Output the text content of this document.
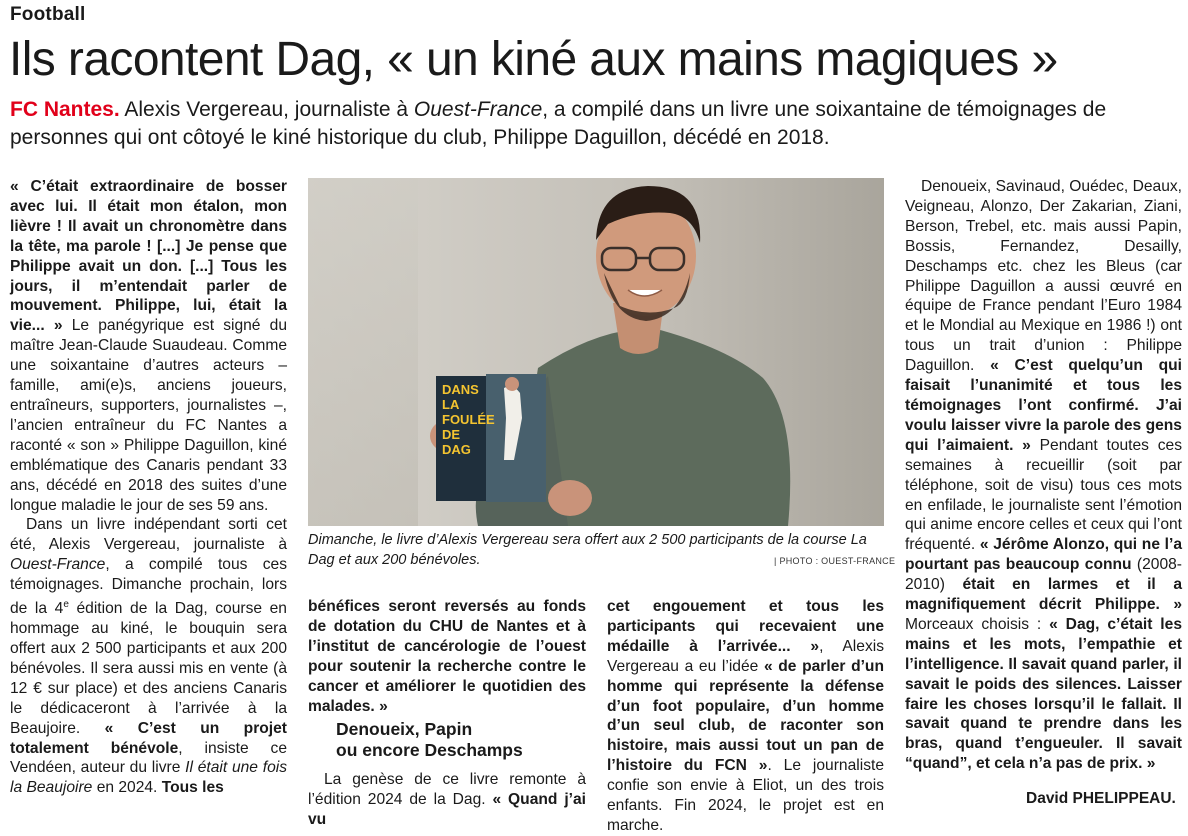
Football
Ils racontent Dag, « un kiné aux mains magiques »
FC Nantes. Alexis Vergereau, journaliste à Ouest-France, a compilé dans un livre une soixantaine de témoignages de personnes qui ont côtoyé le kiné historique du club, Philippe Daguillon, décédé en 2018.

« C’était extraordinaire de bosser avec lui. Il était mon étalon, mon lièvre ! Il avait un chronomètre dans la tête, ma parole ! [...] Je pense que Philippe avait un don. [...] Tous les jours, il m’entendait parler de mouvement. Philippe, lui, était la vie... » Le panégyrique est signé du maître Jean-Claude Suaudeau. Comme une soixantaine d’autres acteurs – famille, ami(e)s, anciens joueurs, entraîneurs, supporters, journalistes –, l’ancien entraîneur du FC Nantes a raconté « son » Philippe Daguillon, kiné emblématique des Canaris pendant 33 ans, décédé en 2018 des suites d’une longue maladie le jour de ses 59 ans.

Dans un livre indépendant sorti cet été, Alexis Vergereau, journaliste à Ouest-France, a compilé tous ces témoignages. Dimanche prochain, lors de la 4e édition de la Dag, course en hommage au kiné, le bouquin sera offert aux 2 500 participants et aux 200 bénévoles. Il sera aussi mis en vente (à 12 € sur place) et des anciens Canaris le dédicaceront à l’arrivée à la Beaujoire. « C’est un projet totalement bénévole, insiste ce Vendéen, auteur du livre Il était une fois la Beaujoire en 2024. Tous les

DANS LA FOULÉE DE DAG
Dimanche, le livre d’Alexis Vergereau sera offert aux 2 500 participants de la course La Dag et aux 200 bénévoles.	| PHOTO : OUEST-FRANCE

bénéfices seront reversés au fonds de dotation du CHU de Nantes et à l’institut de cancérologie de l’ouest pour soutenir la recherche contre le cancer et améliorer le quotidien des malades. »

Denoueix, Papin
ou encore Deschamps

La genèse de ce livre remonte à l’édition 2024 de la Dag. « Quand j’ai vu

cet engouement et tous les participants qui recevaient une médaille à l’arrivée... », Alexis Vergereau a eu l’idée « de parler d’un homme qui représente la défense d’un foot populaire, d’un homme d’un seul club, de raconter son histoire, mais aussi tout un pan de l’histoire du FCN ». Le journaliste confie son envie à Eliot, un des trois enfants. Fin 2024, le projet est en marche.

Denoueix, Savinaud, Ouédec, Deaux, Veigneau, Alonzo, Der Zakarian, Ziani, Berson, Trebel, etc. mais aussi Papin, Bossis, Fernandez, Desailly, Deschamps etc. chez les Bleus (car Philippe Daguillon a aussi œuvré en équipe de France pendant l’Euro 1984 et le Mondial au Mexique en 1986 !) ont tous un trait d’union : Philippe Daguillon. « C’est quelqu’un qui faisait l’unanimité et tous les témoignages l’ont confirmé. J’ai voulu laisser vivre la parole des gens qui l’aimaient. » Pendant toutes ces semaines à recueillir (soit par téléphone, soit de visu) tous ces mots en enfilade, le journaliste sent l’émotion qui anime encore celles et ceux qui l’ont fréquenté. « Jérôme Alonzo, qui ne l’a pourtant pas beaucoup connu (2008-2010) était en larmes et il a magnifiquement décrit Philippe. » Morceaux choisis : « Dag, c’était les mains et les mots, l’empathie et l’intelligence. Il savait quand parler, il savait le poids des silences. Laisser faire les choses lorsqu’il le fallait. Il savait quand te prendre dans les bras, quand t’engueuler. Il savait “quand”, et cela n’a pas de prix. »

David PHELIPPEAU.
